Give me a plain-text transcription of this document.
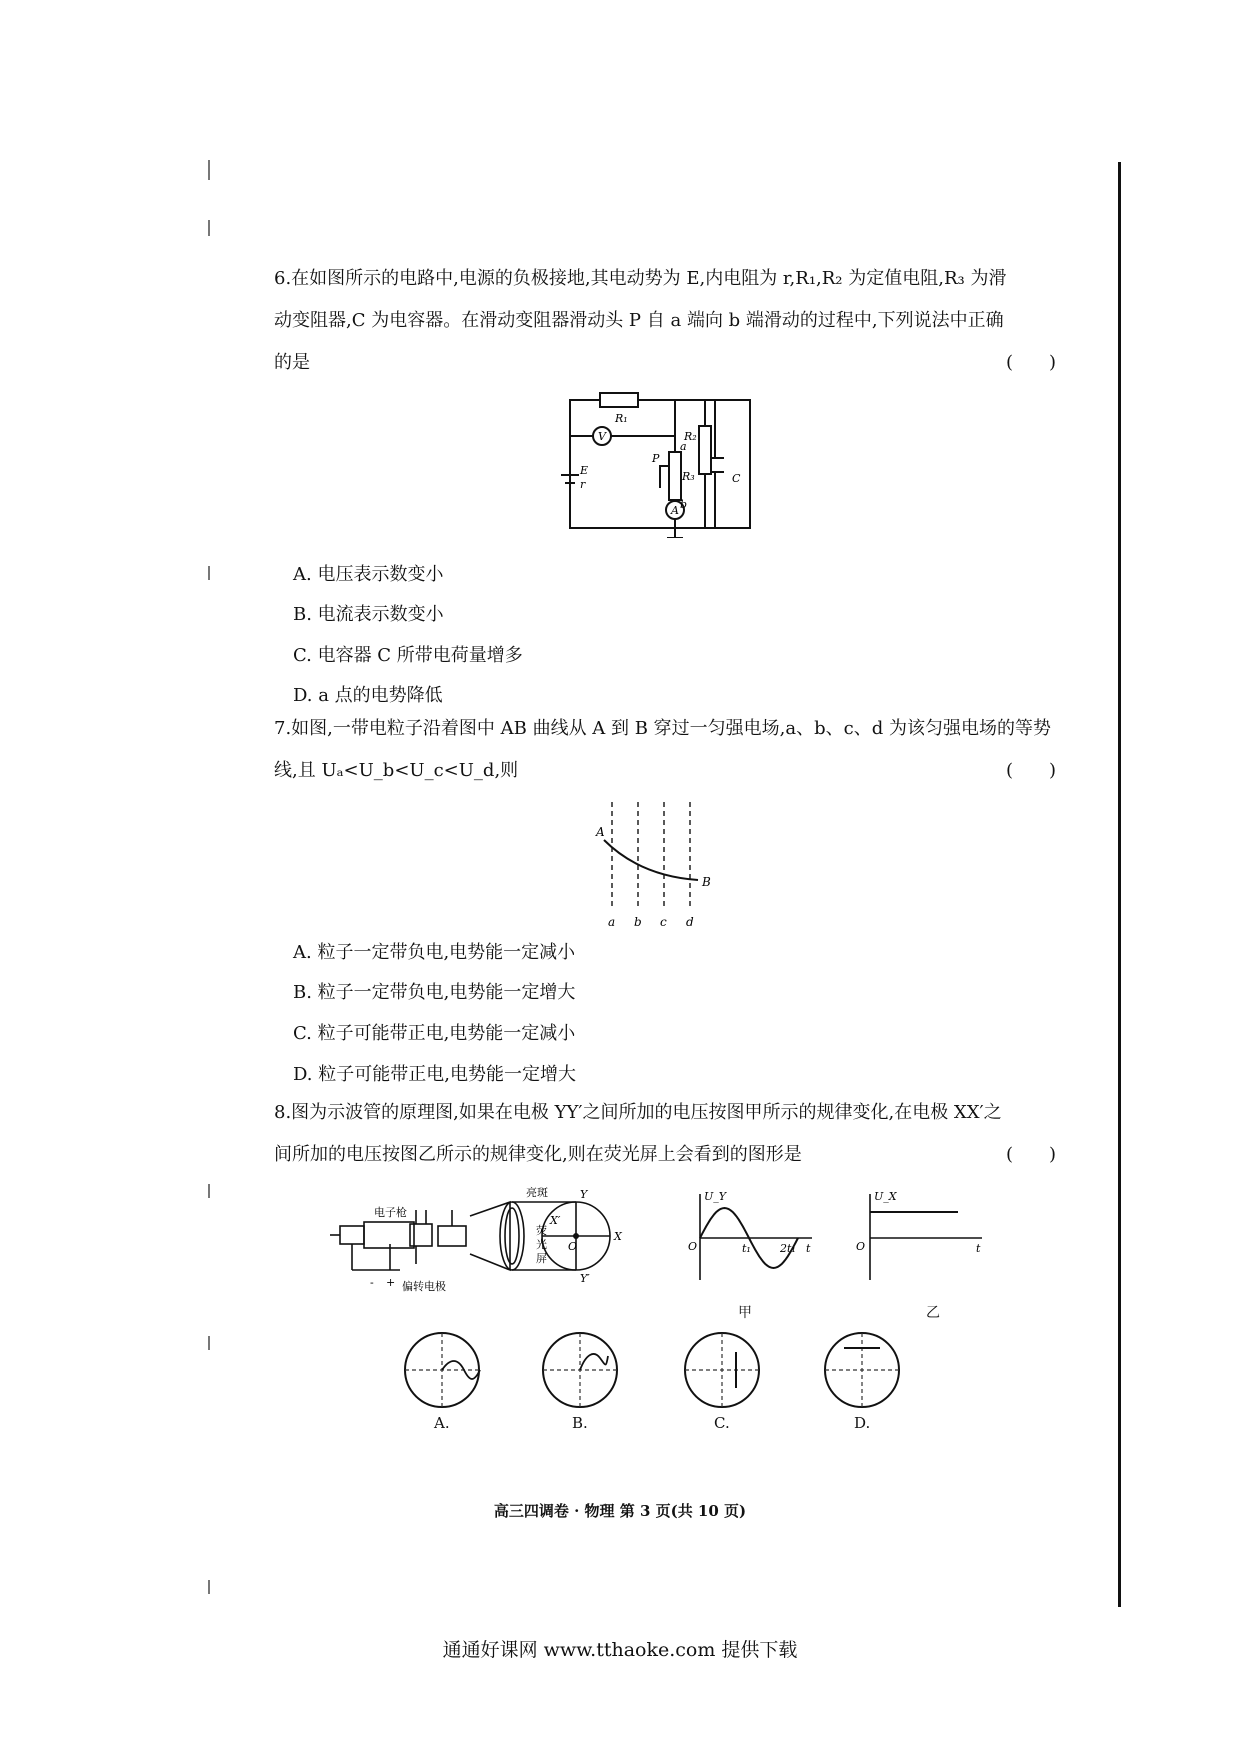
6.在如图所示的电路中,电源的负极接地,其电动势为 E,内电阻为 r,R₁,R₂ 为定值电阻,R₃ 为滑
动变阻器,C 为电容器。在滑动变阻器滑动头 P 自 a 端向 b 端滑动的过程中,下列说法中正确
的是	(　　)
V
A
R₁
R₃
R₂
P
a
b
E
r	C
A. 电压表示数变小
B. 电流表示数变小
C. 电容器 C 所带电荷量增多
D. a 点的电势降低
7.如图,一带电粒子沿着图中 AB 曲线从 A 到 B 穿过一匀强电场,a、b、c、d 为该匀强电场的等势
线,且 Uₐ<U_b<U_c<U_d,则	(　　)
A
B
a b c d
A. 粒子一定带负电,电势能一定减小
B. 粒子一定带负电,电势能一定增大
C. 粒子可能带正电,电势能一定减小
D. 粒子可能带正电,电势能一定增大
8.图为示波管的原理图,如果在电极 YY′之间所加的电压按图甲所示的规律变化,在电极 XX′之
间所加的电压按图乙所示的规律变化,则在荧光屏上会看到的图形是	(　　)
电子枪
偏转电极
亮斑
荧
光
屏
Y
Y′
X
X′
O
- +
U_Y
O	t₁	2t₁ t
甲
U_X
O	t
乙
A.	B.	C.	D.
高三四调卷 · 物理 第 3 页(共 10 页)
通通好课网 www.tthaoke.com 提供下载
